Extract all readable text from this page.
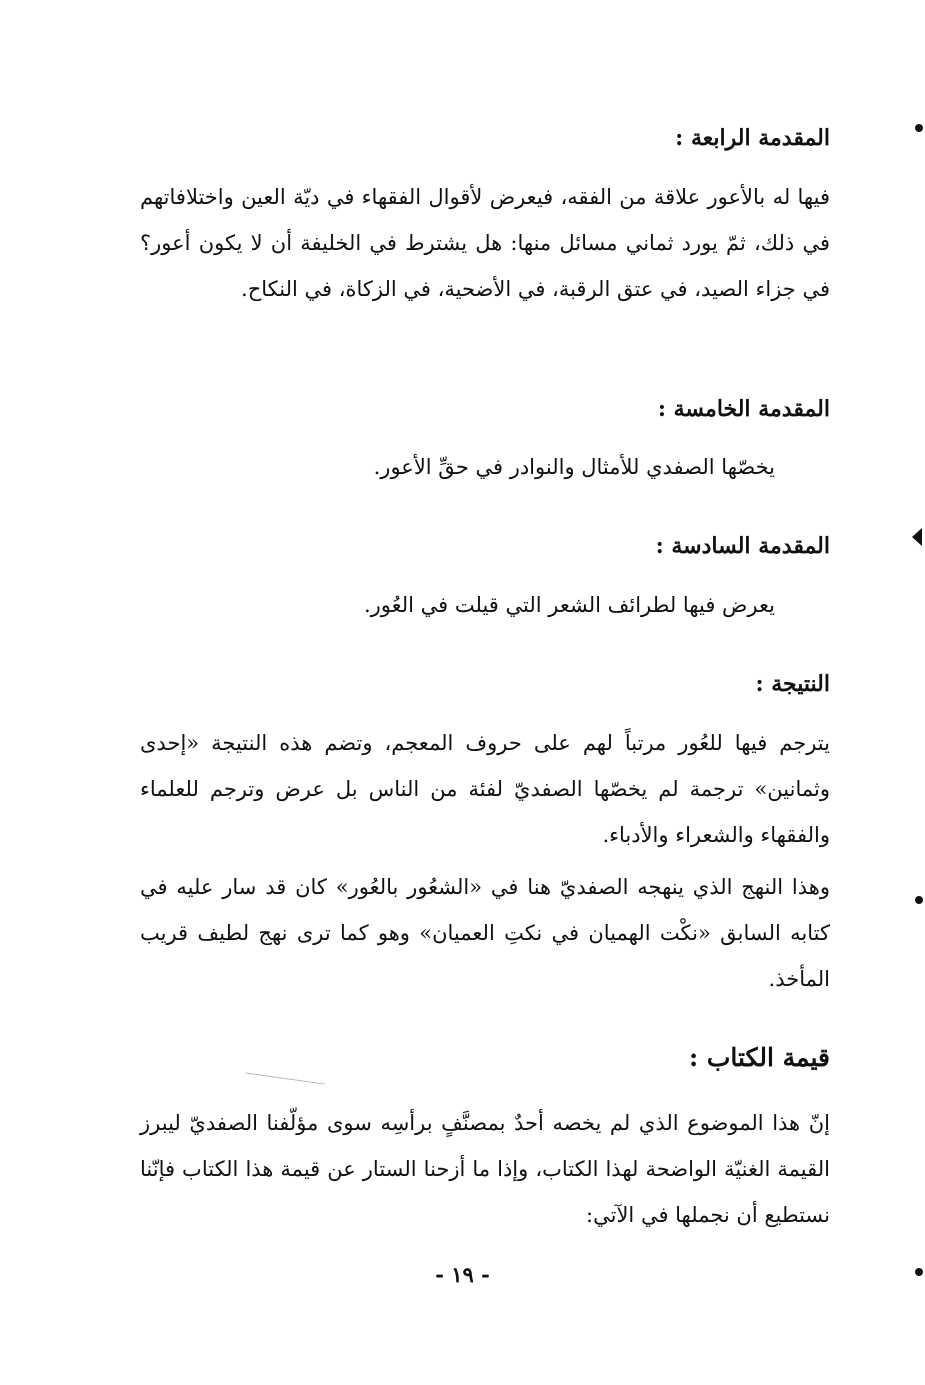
المقدمة الرابعة :
فيها له بالأعور علاقة من الفقه، فيعرض لأقوال الفقهاء في ديّة العين واختلافاتهم في ذلك، ثمّ يورد ثماني مسائل منها: هل يشترط في الخليفة أن لا يكون أعور؟ في جزاء الصيد، في عتق الرقبة، في الأضحية، في الزكاة، في النكاح.
المقدمة الخامسة :
يخصّها الصفدي للأمثال والنوادر في حقِّ الأعور.
المقدمة السادسة :
يعرض فيها لطرائف الشعر التي قيلت في العُور.
النتيجة :
يترجم فيها للعُور مرتباً لهم على حروف المعجم، وتضم هذه النتيجة «إحدى وثمانين» ترجمة لم يخصّها الصفديّ لفئة من الناس بل عرض وترجم للعلماء والفقهاء والشعراء والأدباء.
وهذا النهج الذي ينهجه الصفديّ هنا في «الشعُور بالعُور» كان قد سار عليه في كتابه السابق «نكْت الهميان في نكتِ العميان» وهو كما ترى نهج لطيف قريب المأخذ.
قيمة الكتاب :
إنّ هذا الموضوع الذي لم يخصه أحدٌ بمصنَّفٍ برأسِه سوى مؤلّفنا الصفديّ ليبرز القيمة الغنيّة الواضحة لهذا الكتاب، وإذا ما أزحنا الستار عن قيمة هذا الكتاب فإنّنا نستطيع أن نجملها في الآتي:
- ١٩ -
